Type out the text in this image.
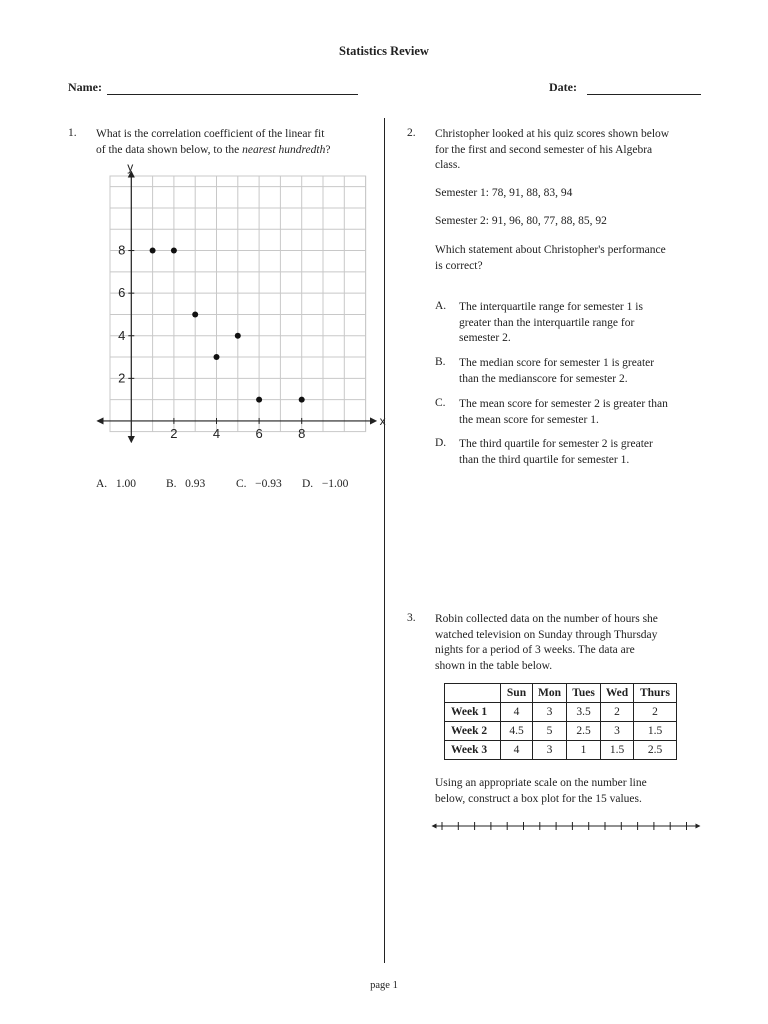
Statistics Review
Name:	Date:
1. What is the correlation coefficient of the linear fit
of the data shown below, to the nearest hundredth?
x
y
2	4	6	8
2
4
6
8
A. 1.00	B. 0.93	C. −0.93 D. −1.00
2. Christopher looked at his quiz scores shown below
for the first and second semester of his Algebra
class.
Semester 1: 78, 91, 88, 83, 94
Semester 2: 91, 96, 80, 77, 88, 85, 92
Which statement about Christopher's performance
is correct?
A. The interquartile range for semester 1 is
greater than the interquartile range for
semester 2.
B. The median score for semester 1 is greater
than the medianscore for semester 2.
C. The mean score for semester 2 is greater than
the mean score for semester 1.
D. The third quartile for semester 2 is greater
than the third quartile for semester 1.
3. Robin collected data on the number of hours she
watched television on Sunday through Thursday
nights for a period of 3 weeks. The data are
shown in the table below.
	Sun	Mon	Tues	Wed	Thurs
Week 1	4	3	3.5	2	2
Week 2	4.5	5	2.5	3	1.5
Week 3	4	3	1	1.5	2.5
Using an appropriate scale on the number line
below, construct a box plot for the 15 values.
page 1
